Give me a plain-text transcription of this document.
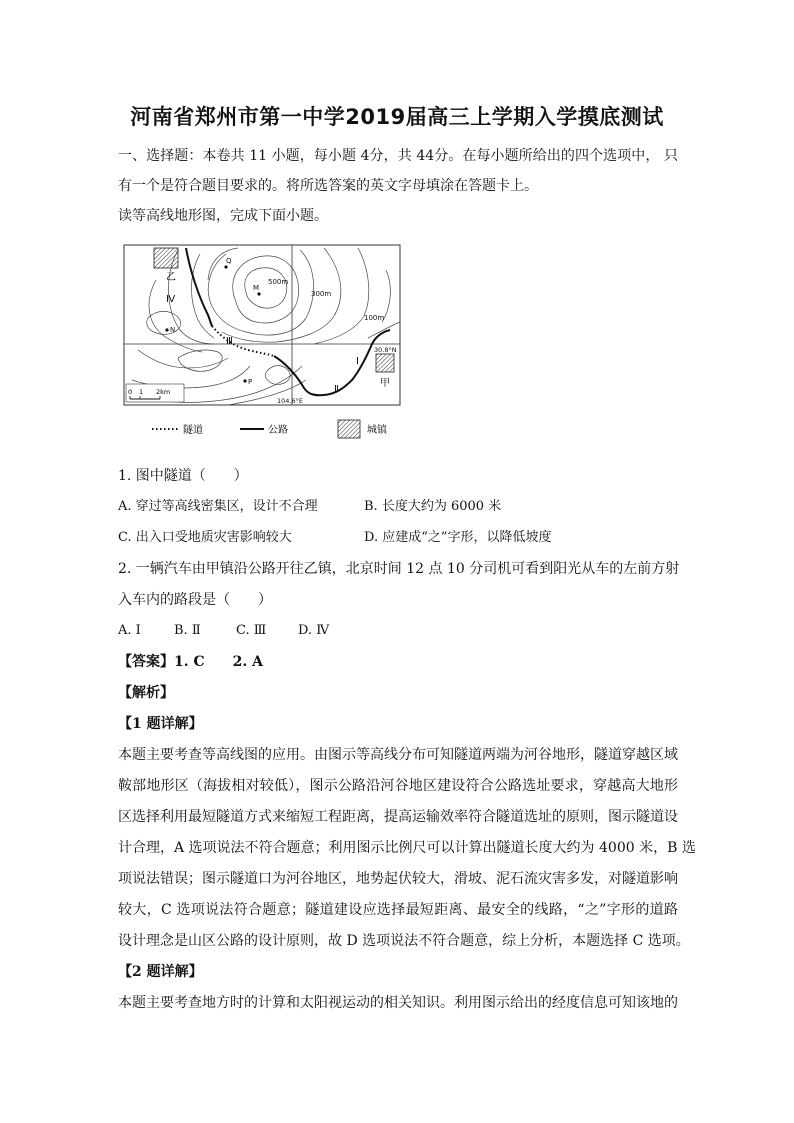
河南省郑州市第一中学2019届高三上学期入学摸底测试
一、选择题：本卷共 11 小题，每小题 4分，共 44分。在每小题所给出的四个选项中， 只
有一个是符合题目要求的。将所选答案的英文字母填涂在答题卡上。
读等高线地形图，完成下面小题。
Q
M
N
P
500m
300m
100m
30.8°N
104.6°E
乙
甲
Ⅰ
Ⅱ
Ⅲ
Ⅳ
0 1 2km
隧道	公路	城镇
1. 图中隧道（　　）
A. 穿过等高线密集区，设计不合理	B. 长度大约为 6000 米
C. 出入口受地质灾害影响较大	D. 应建成“之”字形，以降低坡度
2. 一辆汽车由甲镇沿公路开往乙镇，北京时间 12 点 10 分司机可看到阳光从车的左前方射
入车内的路段是（　　）
A. Ⅰ	B. Ⅱ	C. Ⅲ D. Ⅳ
【答案】1. C　　2. A
【解析】
【1 题详解】
本题主要考查等高线图的应用。由图示等高线分布可知隧道两端为河谷地形，隧道穿越区域
鞍部地形区（海拔相对较低），图示公路沿河谷地区建设符合公路选址要求，穿越高大地形
区选择利用最短隧道方式来缩短工程距离，提高运输效率符合隧道选址的原则，图示隧道设
计合理，A 选项说法不符合题意；利用图示比例尺可以计算出隧道长度大约为 4000 米，B 选
项说法错误；图示隧道口为河谷地区，地势起伏较大，滑坡、泥石流灾害多发，对隧道影响
较大，C 选项说法符合题意；隧道建设应选择最短距离、最安全的线路，“之”字形的道路
设计理念是山区公路的设计原则，故 D 选项说法不符合题意，综上分析，本题选择 C 选项。
【2 题详解】
本题主要考查地方时的计算和太阳视运动的相关知识。利用图示给出的经度信息可知该地的
